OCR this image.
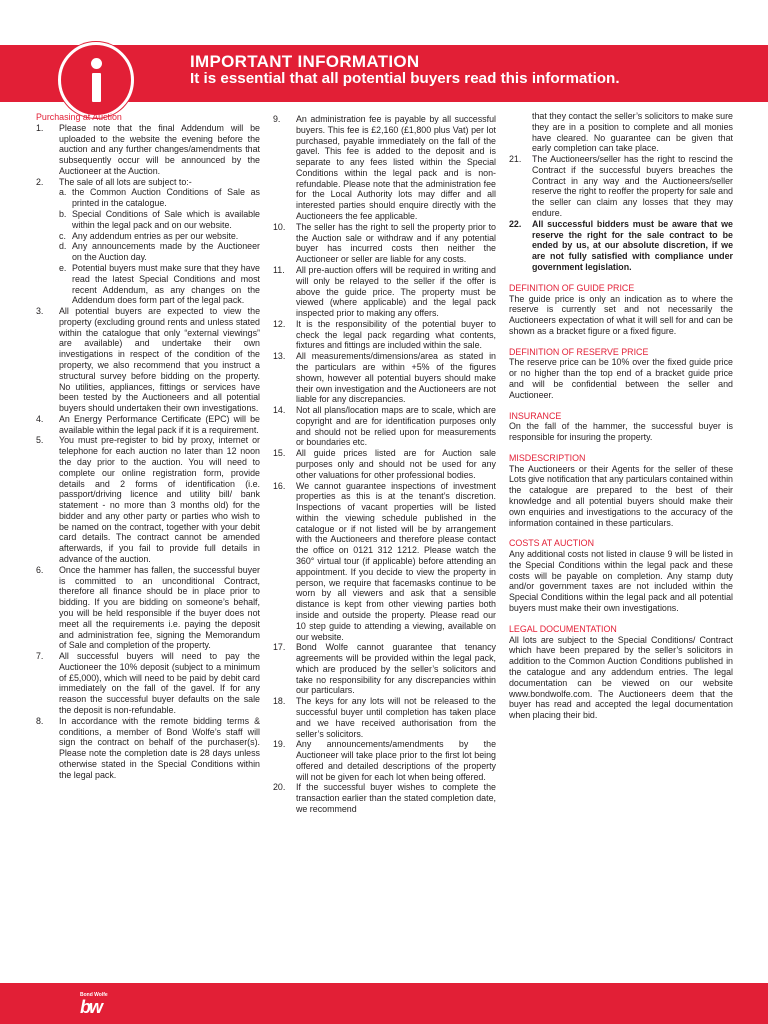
IMPORTANT INFORMATION
It is essential that all potential buyers read this information.
Purchasing at Auction
1.	Please note that the final Addendum will be uploaded to the website the evening before the auction and any further changes/amendments that subsequently occur will be announced by the Auctioneer at the Auction.
2.	The sale of all lots are subject to:-
a. the Common Auction Conditions of Sale as printed in the catalogue.
b. Special Conditions of Sale which is available within the legal pack and on our website.
c. Any addendum entries as per our website.
d. Any announcements made by the Auctioneer on the Auction day.
e. Potential buyers must make sure that they have read the latest Special Conditions and most recent Addendum, as any changes on the Addendum does form part of the legal pack.
3.	All potential buyers are expected to view the property (excluding ground rents and unless stated within the catalogue that only “external viewings” are available) and undertake their own investigations in respect of the condition of the property, we also recommend that you instruct a structural survey before bidding on the property. No utilities, appliances, fittings or services have been tested by the Auctioneers and all potential buyers should undertaken their own investigations.
4.	An Energy Performance Certificate (EPC) will be available within the legal pack if it is a requirement.
5.	You must pre-register to bid by proxy, internet or telephone for each auction no later than 12 noon the day prior to the auction. You will need to complete our online registration form, provide details and 2 forms of identification (i.e. passport/driving licence and utility bill/ bank statement - no more than 3 months old) for the bidder and any other party or parties who wish to be named on the contract, together with your debit card details. The contract cannot be amended afterwards, if you fail to provide full details in advance of the auction.
6.	Once the hammer has fallen, the successful buyer is committed to an unconditional Contract, therefore all finance should be in place prior to bidding. If you are bidding on someone’s behalf, you will be held responsible if the buyer does not meet all the requirements i.e. paying the deposit and administration fee, signing the Memorandum of Sale and completion of the property.
7.	All successful buyers will need to pay the Auctioneer the 10% deposit (subject to a minimum of £5,000), which will need to be paid by debit card immediately on the fall of the gavel. If for any reason the successful buyer defaults on the sale the deposit is non-refundable.
8.	In accordance with the remote bidding terms & conditions, a member of Bond Wolfe’s staff will sign the contract on behalf of the purchaser(s). Please note the completion date is 28 days unless otherwise stated in the Special Conditions within the legal pack.
9.	An administration fee is payable by all successful buyers. This fee is £2,160 (£1,800 plus Vat) per lot purchased, payable immediately on the fall of the gavel. This fee is added to the deposit and is separate to any fees listed within the Special Conditions within the legal pack and is non-refundable. Please note that the administration fee for the Local Authority lots may differ and all interested parties should enquire directly with the Auctioneers the fee applicable.
10.	The seller has the right to sell the property prior to the Auction sale or withdraw and if any potential buyer has incurred costs then neither the Auctioneer or seller are liable for any costs.
11.	All pre-auction offers will be required in writing and will only be relayed to the seller if the offer is above the guide price. The property must be viewed (where applicable) and the legal pack inspected prior to making any offers.
12.	It is the responsibility of the potential buyer to check the legal pack regarding what contents, fixtures and fittings are included within the sale.
13.	All measurements/dimensions/area as stated in the particulars are within +5% of the figures shown, however all potential buyers should make their own investigation and the Auctioneers are not liable for any discrepancies.
14.	Not all plans/location maps are to scale, which are copyright and are for identification purposes only and should not be relied upon for measurements or boundaries etc.
15.	All guide prices listed are for Auction sale purposes only and should not be used for any other valuations for other professional bodies.
16.	We cannot guarantee inspections of investment properties as this is at the tenant’s discretion. Inspections of vacant properties will be listed within the viewing schedule published in the catalogue or if not listed will be by arrangement with the Auctioneers and therefore please contact the office on 0121 312 1212. Please watch the 360° virtual tour (if applicable) before attending an appointment. If you decide to view the property in person, we require that facemasks continue to be worn by all viewers and ask that a sensible distance is kept from other viewing parties both inside and outside the property. Please read our 10 step guide to attending a viewing, available on our website.
17.	Bond Wolfe cannot guarantee that tenancy agreements will be provided within the legal pack, which are produced by the seller’s solicitors and take no responsibility for any discrepancies within our particulars.
18.	The keys for any lots will not be released to the successful buyer until completion has taken place and we have received authorisation from the seller’s solicitors.
19.	Any announcements/amendments by the Auctioneer will take place prior to the first lot being offered and detailed descriptions of the property will not be given for each lot when being offered.
20.	If the successful buyer wishes to complete the transaction earlier than the stated completion date, we recommend
that they contact the seller’s solicitors to make sure they are in a position to complete and all monies have cleared. No guarantee can be given that early completion can take place.
21.	The Auctioneers/seller has the right to rescind the Contract if the successful buyers breaches the Contract in any way and the Auctioneers/seller reserve the right to reoffer the property for sale and the seller can claim any losses that they may endure.
22.	All successful bidders must be aware that we reserve the right for the sale contract to be ended by us, at our absolute discretion, if we are not fully satisfied with compliance under government legislation.
DEFINITION OF GUIDE PRICE
The guide price is only an indication as to where the reserve is currently set and not necessarily the Auctioneers expectation of what it will sell for and can be shown as a bracket figure or a fixed figure.
DEFINITION OF RESERVE PRICE
The reserve price can be 10% over the fixed guide price or no higher than the top end of a bracket guide price and will be confidential between the seller and Auctioneer.
INSURANCE
On the fall of the hammer, the successful buyer is responsible for insuring the property.
MISDESCRIPTION
The Auctioneers or their Agents for the seller of these Lots give notification that any particulars contained within the catalogue are prepared to the best of their knowledge and all potential buyers should make their own enquiries and investigations to the accuracy of the information contained in these particulars.
COSTS AT AUCTION
Any additional costs not listed in clause 9 will be listed in the Special Conditions within the legal pack and these costs will be payable on completion. Any stamp duty and/or government taxes are not included within the Special Conditions within the legal pack and all potential buyers must make their own investigations.
LEGAL DOCUMENTATION
All lots are subject to the Special Conditions/ Contract which have been prepared by the seller’s solicitors in addition to the Common Auction Conditions published in the catalogue and any addendum entries. The legal documentation can be viewed on our website www.bondwolfe.com. The Auctioneers deem that the buyer has read and accepted the legal documentation when placing their bid.
Bond Wolfe
bw
